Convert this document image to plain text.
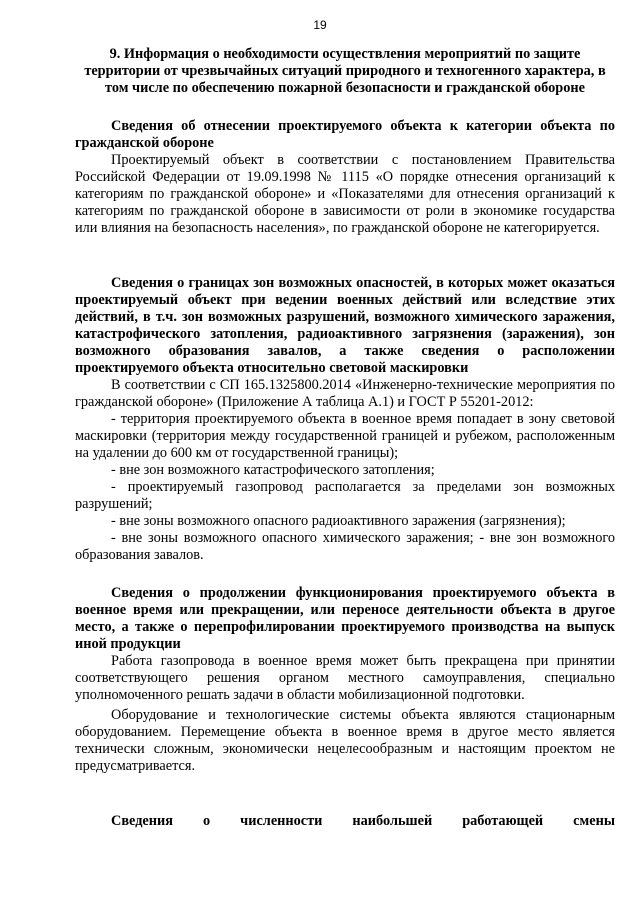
19

9. Информация о необходимости осуществления мероприятий по защите территории от чрезвычайных ситуаций природного и техногенного характера, в том числе по обеспечению пожарной безопасности и гражданской обороне

Сведения об отнесении проектируемого объекта к категории объекта по гражданской обороне

Проектируемый объект в соответствии с постановлением Правительства Российской Федерации от 19.09.1998 № 1115 «О порядке отнесения организаций к категориям по гражданской обороне» и «Показателями для отнесения организаций к категориям по гражданской обороне в зависимости от роли в экономике государства или влияния на безопасность населения», по гражданской обороне не категорируется.

Сведения о границах зон возможных опасностей, в которых может оказаться проектируемый объект при ведении военных действий или вследствие этих действий, в т.ч. зон возможных разрушений, возможного химического заражения, катастрофического затопления, радиоактивного загрязнения (заражения), зон возможного образования завалов, а также сведения о расположении проектируемого объекта относительно световой маскировки

В соответствии с СП 165.1325800.2014 «Инженерно-технические мероприятия по гражданской обороне» (Приложение А таблица А.1) и ГОСТ Р 55201-2012:

- территория проектируемого объекта в военное время попадает в зону световой маскировки (территория между государственной границей и рубежом, расположенным на удалении до 600 км от государственной границы);

- вне зон возможного катастрофического затопления;

- проектируемый газопровод располагается за пределами зон возможных разрушений;

- вне зоны возможного опасного радиоактивного заражения (загрязнения);

- вне зоны возможного опасного химического заражения; - вне зон возможного образования завалов.

Сведения о продолжении функционирования проектируемого объекта в военное время или прекращении, или переносе деятельности объекта в другое место, а также о перепрофилировании проектируемого производства на выпуск иной продукции

Работа газопровода в военное время может быть прекращена при принятии соответствующего решения органом местного самоуправления, специально уполномоченного решать задачи в области мобилизационной подготовки.

Оборудование и технологические системы объекта являются стационарным оборудованием. Перемещение объекта в военное время в другое место является технически сложным, экономически нецелесообразным и настоящим проектом не предусматривается.

Сведения о численности наибольшей работающей смены
